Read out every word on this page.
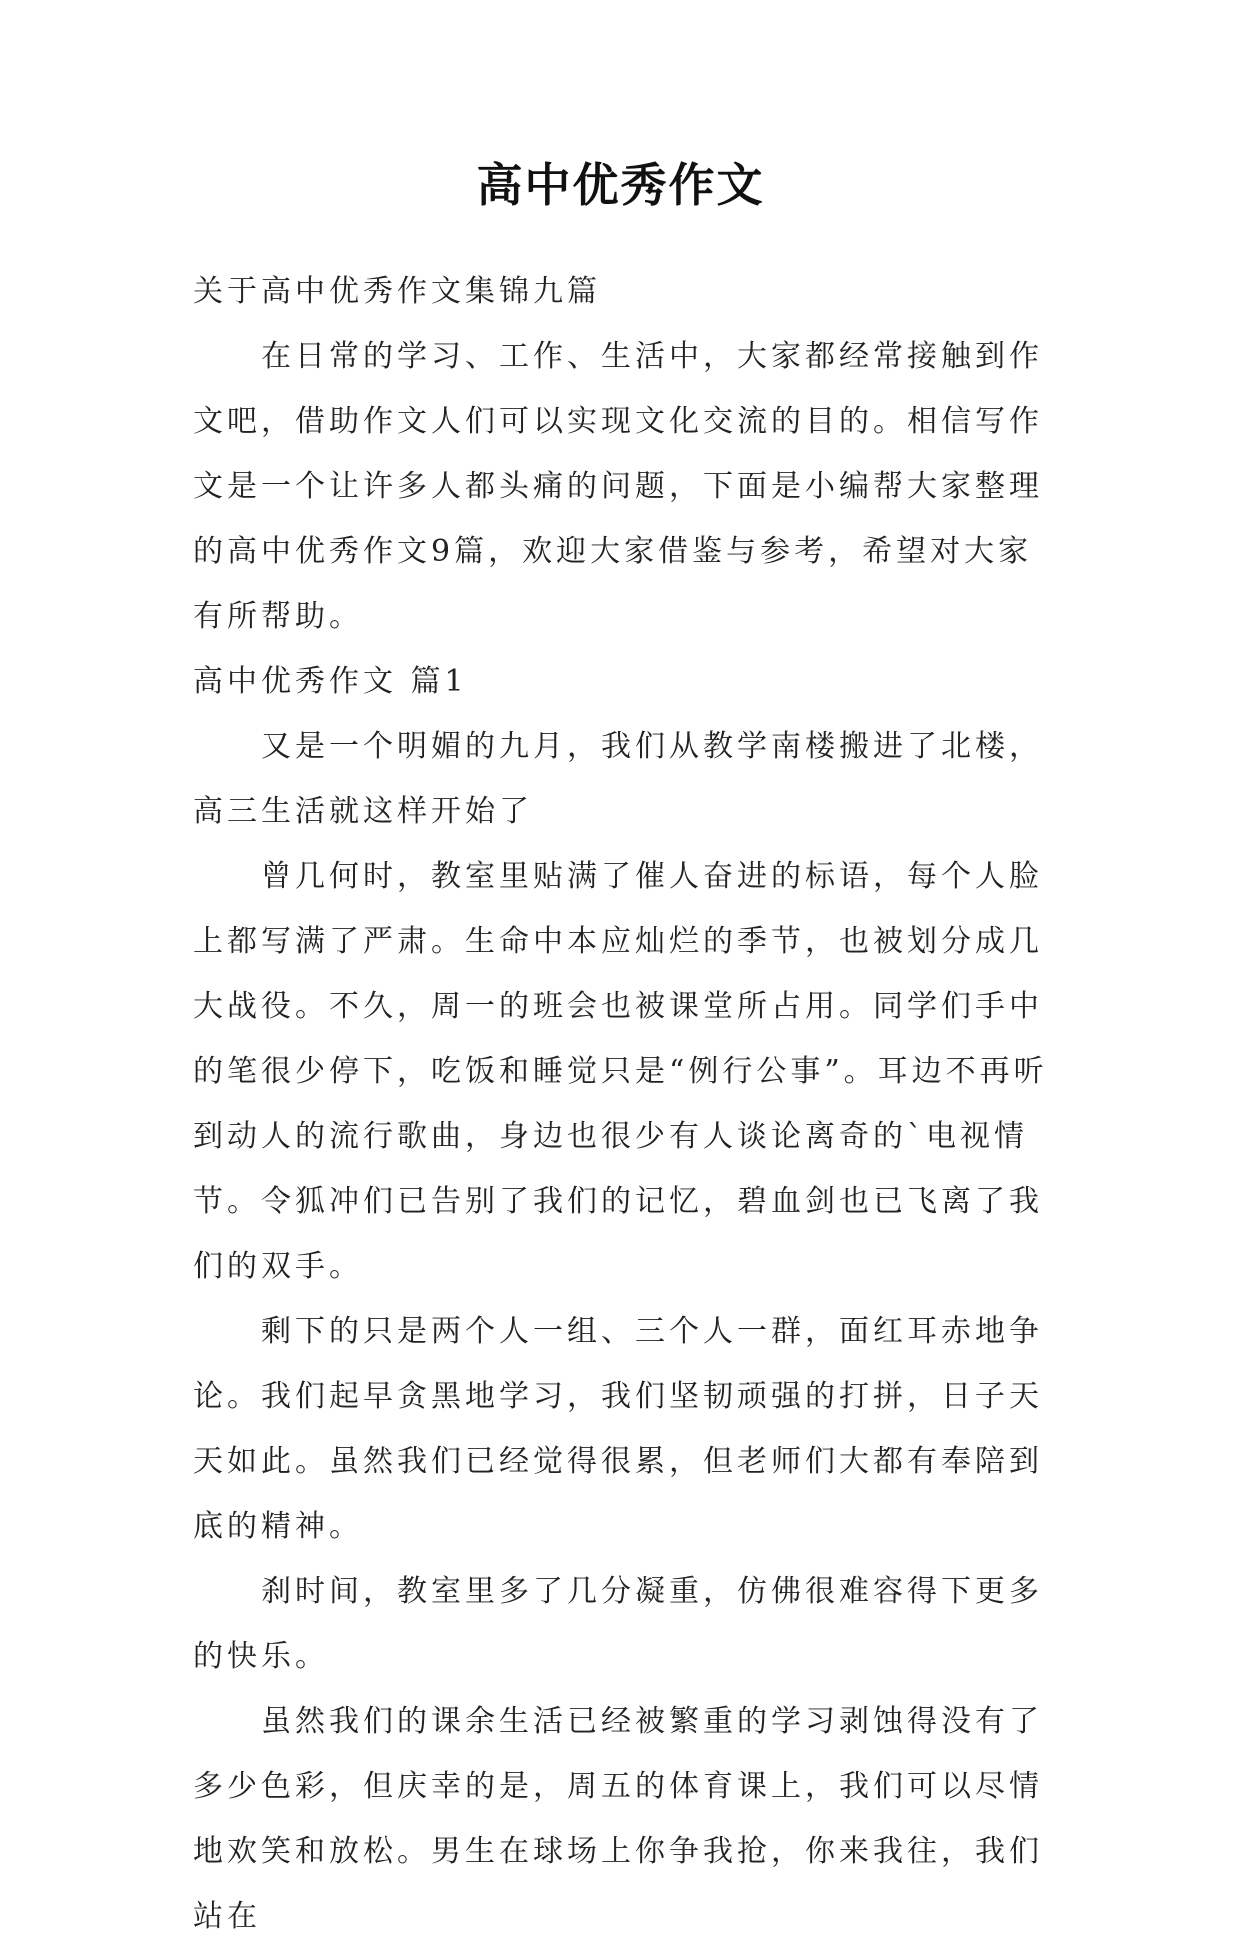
高中优秀作文

关于高中优秀作文集锦九篇

在日常的学习、工作、生活中，大家都经常接触到作文吧，借助作文人们可以实现文化交流的目的。相信写作文是一个让许多人都头痛的问题，下面是小编帮大家整理的高中优秀作文9篇，欢迎大家借鉴与参考，希望对大家有所帮助。

高中优秀作文 篇1

又是一个明媚的九月，我们从教学南楼搬进了北楼，高三生活就这样开始了

曾几何时，教室里贴满了催人奋进的标语，每个人脸上都写满了严肃。生命中本应灿烂的季节，也被划分成几大战役。不久，周一的班会也被课堂所占用。同学们手中的笔很少停下，吃饭和睡觉只是“例行公事”。耳边不再听到动人的流行歌曲，身边也很少有人谈论离奇的`电视情节。令狐冲们已告别了我们的记忆，碧血剑也已飞离了我们的双手。

剩下的只是两个人一组、三个人一群，面红耳赤地争论。我们起早贪黑地学习，我们坚韧顽强的打拼，日子天天如此。虽然我们已经觉得很累，但老师们大都有奉陪到底的精神。

刹时间，教室里多了几分凝重，仿佛很难容得下更多的快乐。

虽然我们的课余生活已经被繁重的学习剥蚀得没有了多少色彩，但庆幸的是，周五的体育课上，我们可以尽情地欢笑和放松。男生在球场上你争我抢，你来我往，我们站在
